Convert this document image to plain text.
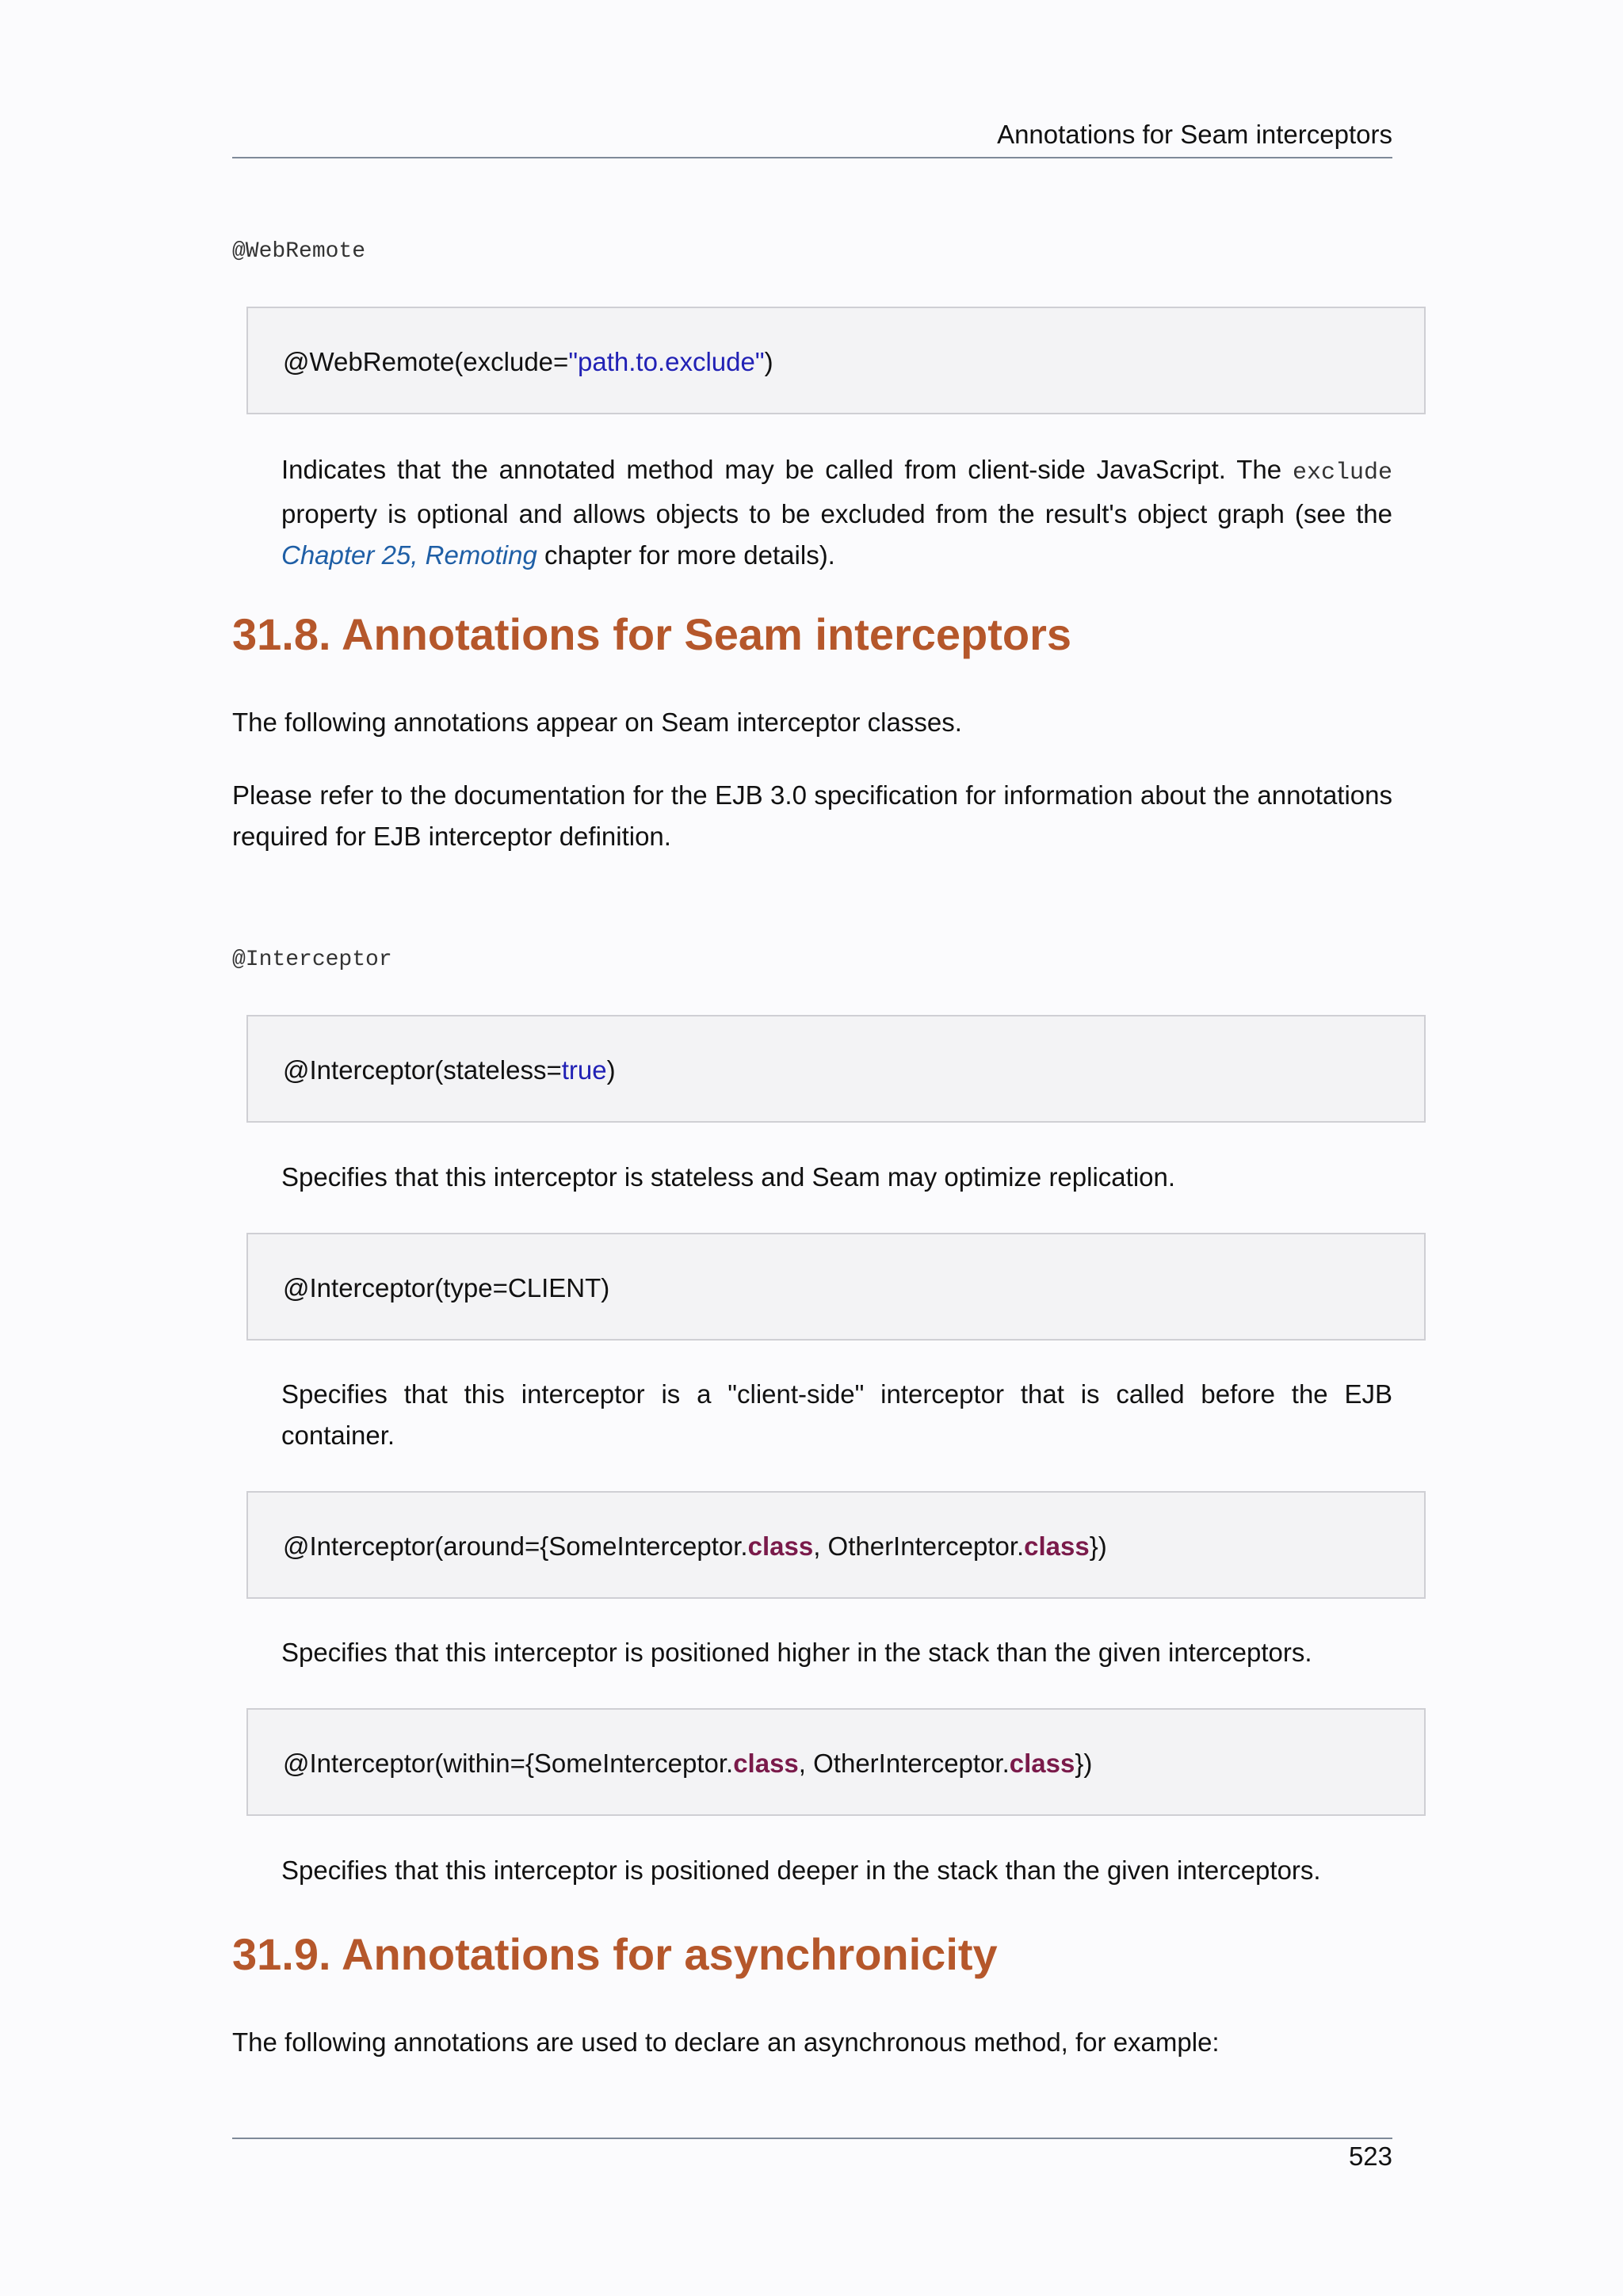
Annotations for Seam interceptors
@WebRemote
@WebRemote(exclude="path.to.exclude")
Indicates that the annotated method may be called from client-side JavaScript. The exclude property is optional and allows objects to be excluded from the result's object graph (see the Chapter 25, Remoting chapter for more details).
31.8. Annotations for Seam interceptors
The following annotations appear on Seam interceptor classes.
Please refer to the documentation for the EJB 3.0 specification for information about the annotations required for EJB interceptor definition.
@Interceptor
@Interceptor(stateless=true)
Specifies that this interceptor is stateless and Seam may optimize replication.
@Interceptor(type=CLIENT)
Specifies that this interceptor is a "client-side" interceptor that is called before the EJB container.
@Interceptor(around={SomeInterceptor.class, OtherInterceptor.class})
Specifies that this interceptor is positioned higher in the stack than the given interceptors.
@Interceptor(within={SomeInterceptor.class, OtherInterceptor.class})
Specifies that this interceptor is positioned deeper in the stack than the given interceptors.
31.9. Annotations for asynchronicity
The following annotations are used to declare an asynchronous method, for example:
523
